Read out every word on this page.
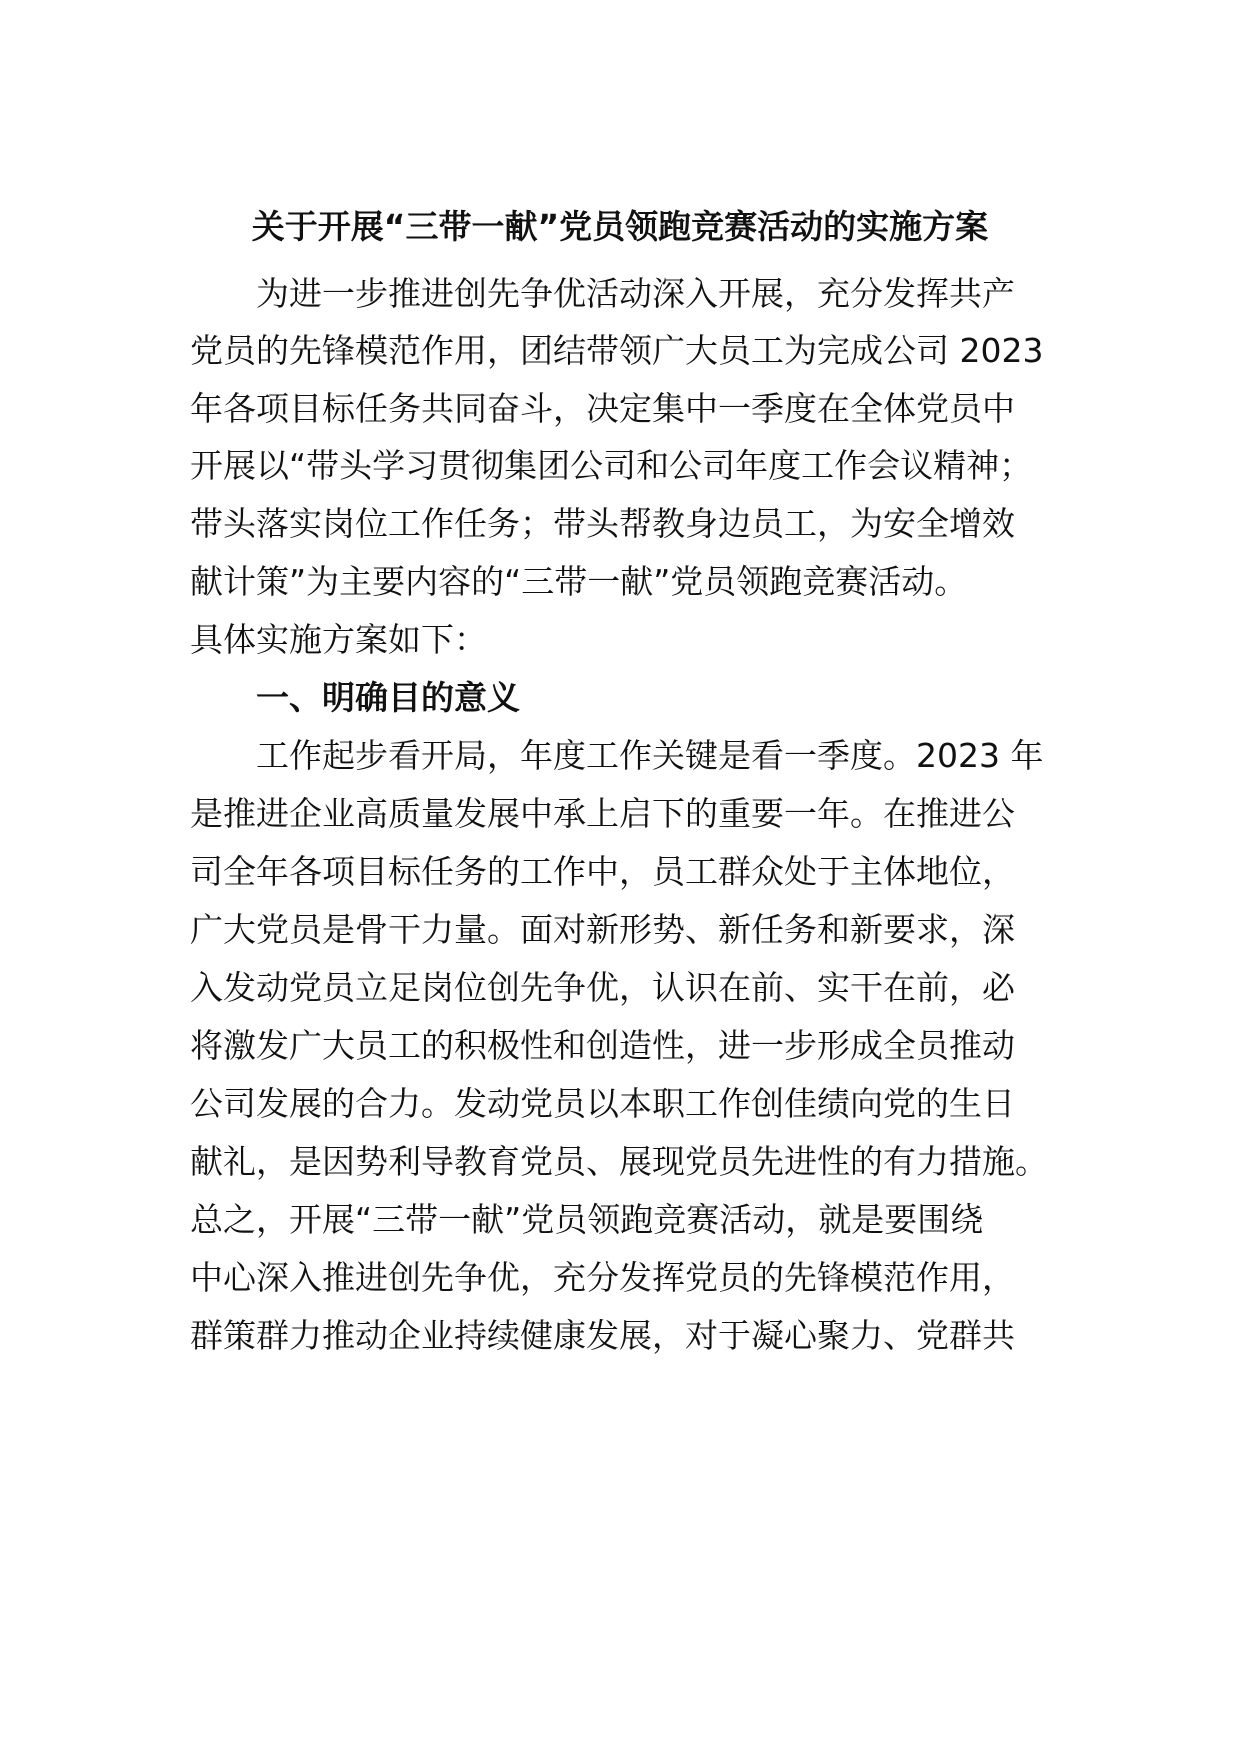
关于开展“三带一献”党员领跑竞赛活动的实施方案
　　为进一步推进创先争优活动深入开展，充分发挥共产
党员的先锋模范作用，团结带领广大员工为完成公司 2023
年各项目标任务共同奋斗，决定集中一季度在全体党员中
开展以“带头学习贯彻集团公司和公司年度工作会议精神；
带头落实岗位工作任务；带头帮教身边员工，为安全增效
献计策”为主要内容的“三带一献”党员领跑竞赛活动。
具体实施方案如下：
一、明确目的意义
　　工作起步看开局，年度工作关键是看一季度。2023 年
是推进企业高质量发展中承上启下的重要一年。在推进公
司全年各项目标任务的工作中，员工群众处于主体地位，
广大党员是骨干力量。面对新形势、新任务和新要求，深
入发动党员立足岗位创先争优，认识在前、实干在前，必
将激发广大员工的积极性和创造性，进一步形成全员推动
公司发展的合力。发动党员以本职工作创佳绩向党的生日
献礼，是因势利导教育党员、展现党员先进性的有力措施。
总之，开展“三带一献”党员领跑竞赛活动，就是要围绕
中心深入推进创先争优，充分发挥党员的先锋模范作用，
群策群力推动企业持续健康发展，对于凝心聚力、党群共
